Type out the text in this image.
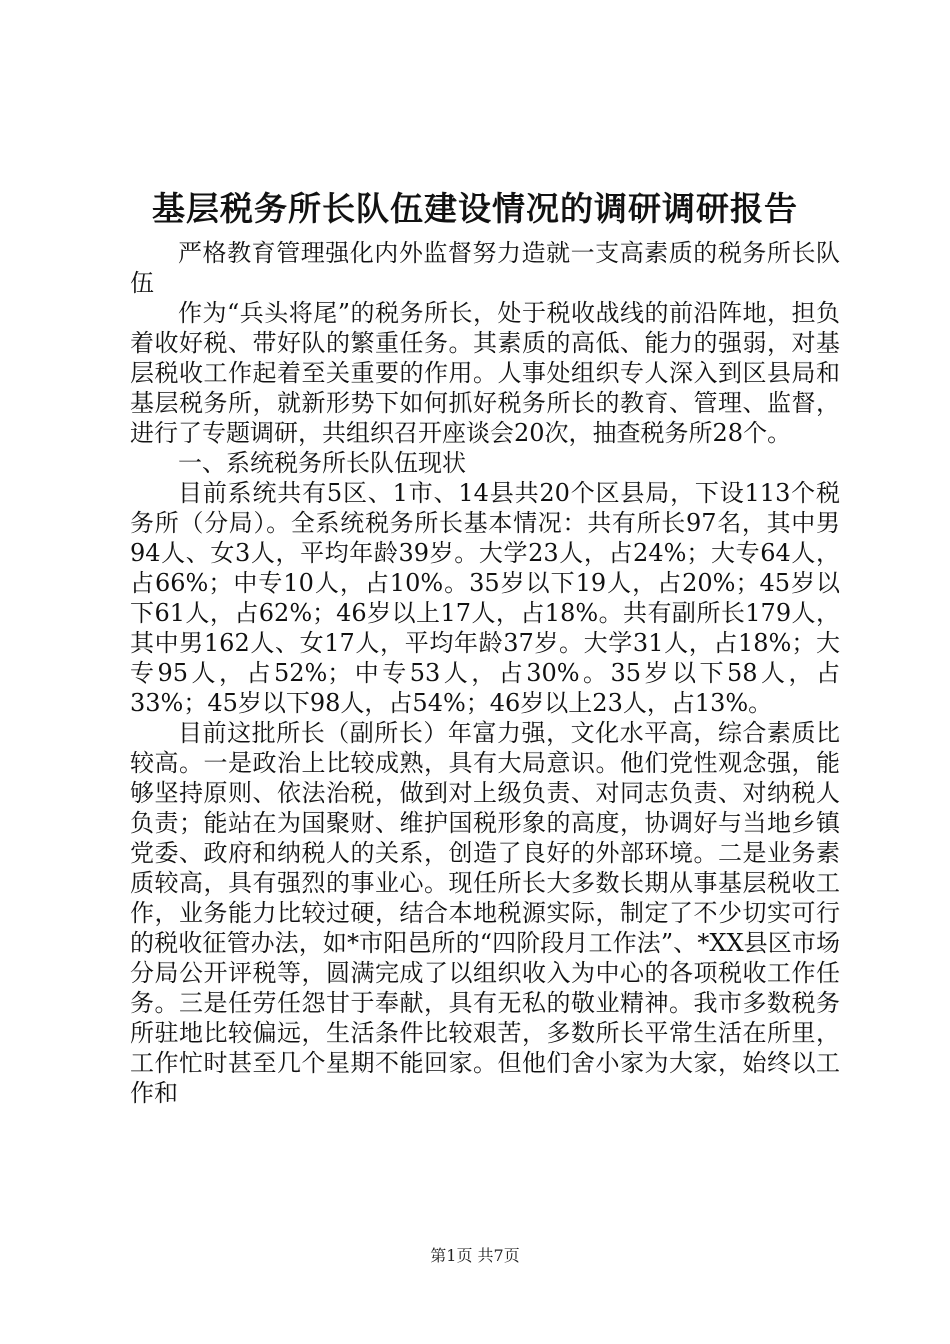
基层税务所长队伍建设情况的调研调研报告

严格教育管理强化内外监督努力造就一支高素质的税务所长队伍

作为“兵头将尾”的税务所长，处于税收战线的前沿阵地，担负着收好税、带好队的繁重任务。其素质的高低、能力的强弱，对基层税收工作起着至关重要的作用。人事处组织专人深入到区县局和基层税务所，就新形势下如何抓好税务所长的教育、管理、监督，进行了专题调研，共组织召开座谈会20次，抽查税务所28个。

一、系统税务所长队伍现状

目前系统共有5区、1市、14县共20个区县局，下设113个税务所（分局）。全系统税务所长基本情况：共有所长97名，其中男94人、女3人，平均年龄39岁。大学23人，占24%；大专64人，占66%；中专10人，占10%。35岁以下19人，占20%；45岁以下61人，占62%；46岁以上17人，占18%。共有副所长179人，其中男162人、女17人，平均年龄37岁。大学31人，占18%；大专95人，占52%；中专53人，占30%。35岁以下58人，占33%；45岁以下98人，占54%；46岁以上23人，占13%。

目前这批所长（副所长）年富力强，文化水平高，综合素质比较高。一是政治上比较成熟，具有大局意识。他们党性观念强，能够坚持原则、依法治税，做到对上级负责、对同志负责、对纳税人负责；能站在为国聚财、维护国税形象的高度，协调好与当地乡镇党委、政府和纳税人的关系，创造了良好的外部环境。二是业务素质较高，具有强烈的事业心。现任所长大多数长期从事基层税收工作，业务能力比较过硬，结合本地税源实际，制定了不少切实可行的税收征管办法，如*市阳邑所的“四阶段月工作法”、*XX县区市场分局公开评税等，圆满完成了以组织收入为中心的各项税收工作任务。三是任劳任怨甘于奉献，具有无私的敬业精神。我市多数税务所驻地比较偏远，生活条件比较艰苦，多数所长平常生活在所里，工作忙时甚至几个星期不能回家。但他们舍小家为大家，始终以工作和

第1页 共7页
